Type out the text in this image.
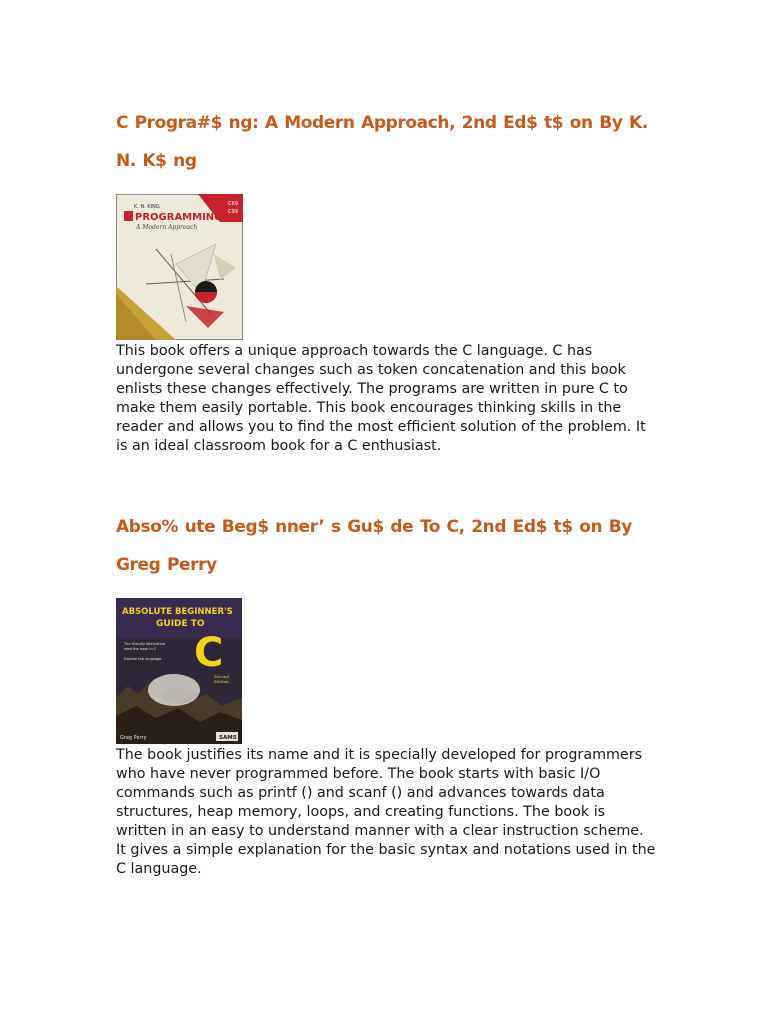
C Progra#$ ng: A Modern Approach, 2nd Ed$ t$ on By K. N. K$ ng
C89
C99
K. N. KING
PROGRAMMING
A Modern Approach

This book offers a unique approach towards the C language. C has undergone several changes such as token concatenation and this book enlists these changes effectively. The programs are written in pure C to make them easily portable. This book encourages thinking skills in the reader and allows you to find the most efficient solution of the problem. It is an ideal classroom book for a C enthusiast.

Abso% ute Beg$ nner’ s Gu$ de To C, 2nd Ed$ t$ on By Greg Perry
ABSOLUTE BEGINNER'S
GUIDE TO
C
The friendly alternative
read the book in C
Explore the language
Second
Edition
Greg Perry	SAMS

The book justifies its name and it is specially developed for programmers who have never programmed before. The book starts with basic I/O commands such as printf () and scanf () and advances towards data structures, heap memory, loops, and creating functions. The book is written in an easy to understand manner with a clear instruction scheme. It gives a simple explanation for the basic syntax and notations used in the C language.
